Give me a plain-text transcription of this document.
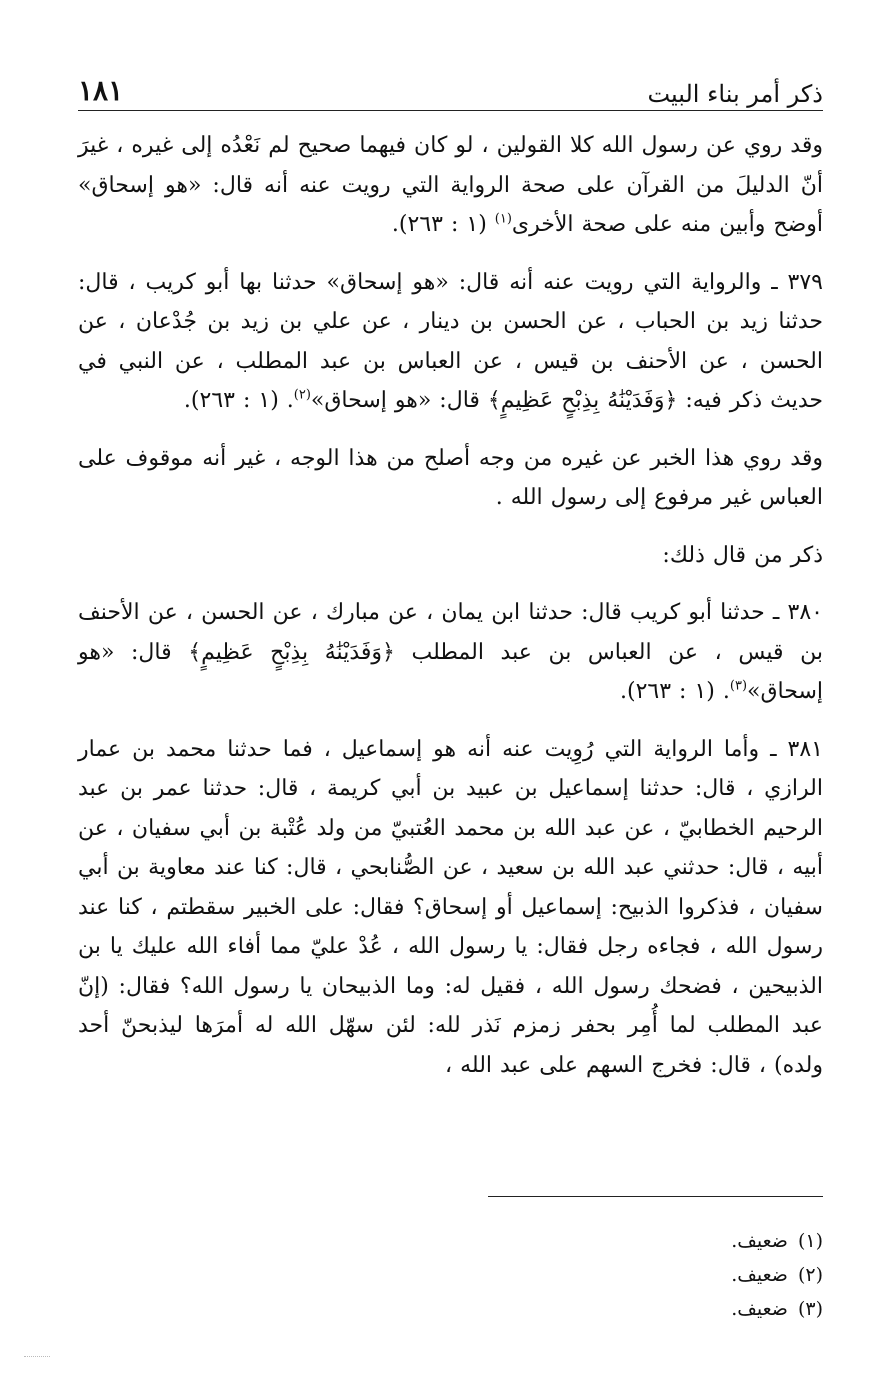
ذكر أمر بناء البيت
١٨١

وقد روي عن رسول الله كلا القولين ، لو كان فيهما صحيح لم نَعْدُه إلى غيره ، غيرَ أنّ الدليلَ من القرآن على صحة الرواية التي رويت عنه أنه قال: «هو إسحاق» أوضح وأبين منه على صحة الأخرى$^{(١)}$ (١ : ٢٦٣).

٣٧٩ ـ والرواية التي رويت عنه أنه قال: «هو إسحاق» حدثنا بها أبو كريب ، قال: حدثنا زيد بن الحباب ، عن الحسن بن دينار ، عن علي بن زيد بن جُدْعان ، عن الحسن ، عن الأحنف بن قيس ، عن العباس بن عبد المطلب ، عن النبي في حديث ذكر فيه: ﴿وَفَدَيْنَٰهُ بِذِبْحٍ عَظِيمٍ﴾ قال: «هو إسحاق»$^{(٢)}$. (١ : ٢٦٣).

وقد روي هذا الخبر عن غيره من وجه أصلح من هذا الوجه ، غير أنه موقوف على العباس غير مرفوع إلى رسول الله .

ذكر من قال ذلك:

٣٨٠ ـ حدثنا أبو كريب قال: حدثنا ابن يمان ، عن مبارك ، عن الحسن ، عن الأحنف بن قيس ، عن العباس بن عبد المطلب ﴿وَفَدَيْنَٰهُ بِذِبْحٍ عَظِيمٍ﴾ قال: «هو إسحاق»$^{(٣)}$. (١ : ٢٦٣).

٣٨١ ـ وأما الرواية التي رُوِيت عنه أنه هو إسماعيل ، فما حدثنا محمد بن عمار الرازي ، قال: حدثنا إسماعيل بن عبيد بن أبي كريمة ، قال: حدثنا عمر بن عبد الرحيم الخطابيّ ، عن عبد الله بن محمد العُتبيّ من ولد عُتْبة بن أبي سفيان ، عن أبيه ، قال: حدثني عبد الله بن سعيد ، عن الصُّنابحي ، قال: كنا عند معاوية بن أبي سفيان ، فذكروا الذبيح: إسماعيل أو إسحاق؟ فقال: على الخبير سقطتم ، كنا عند رسول الله ، فجاءه رجل فقال: يا رسول الله ، عُدْ عليّ مما أفاء الله عليك يا بن الذبيحين ، فضحك رسول الله ، فقيل له: وما الذبيحان يا رسول الله؟ فقال: (إنّ عبد المطلب لما أُمِر بحفر زمزم نَذر لله: لئن سهّل الله له أمرَها ليذبحنّ أحد ولده) ، قال: فخرج السهم على عبد الله ،

(١)ضعيف.
(٢)ضعيف.
(٣)ضعيف.
